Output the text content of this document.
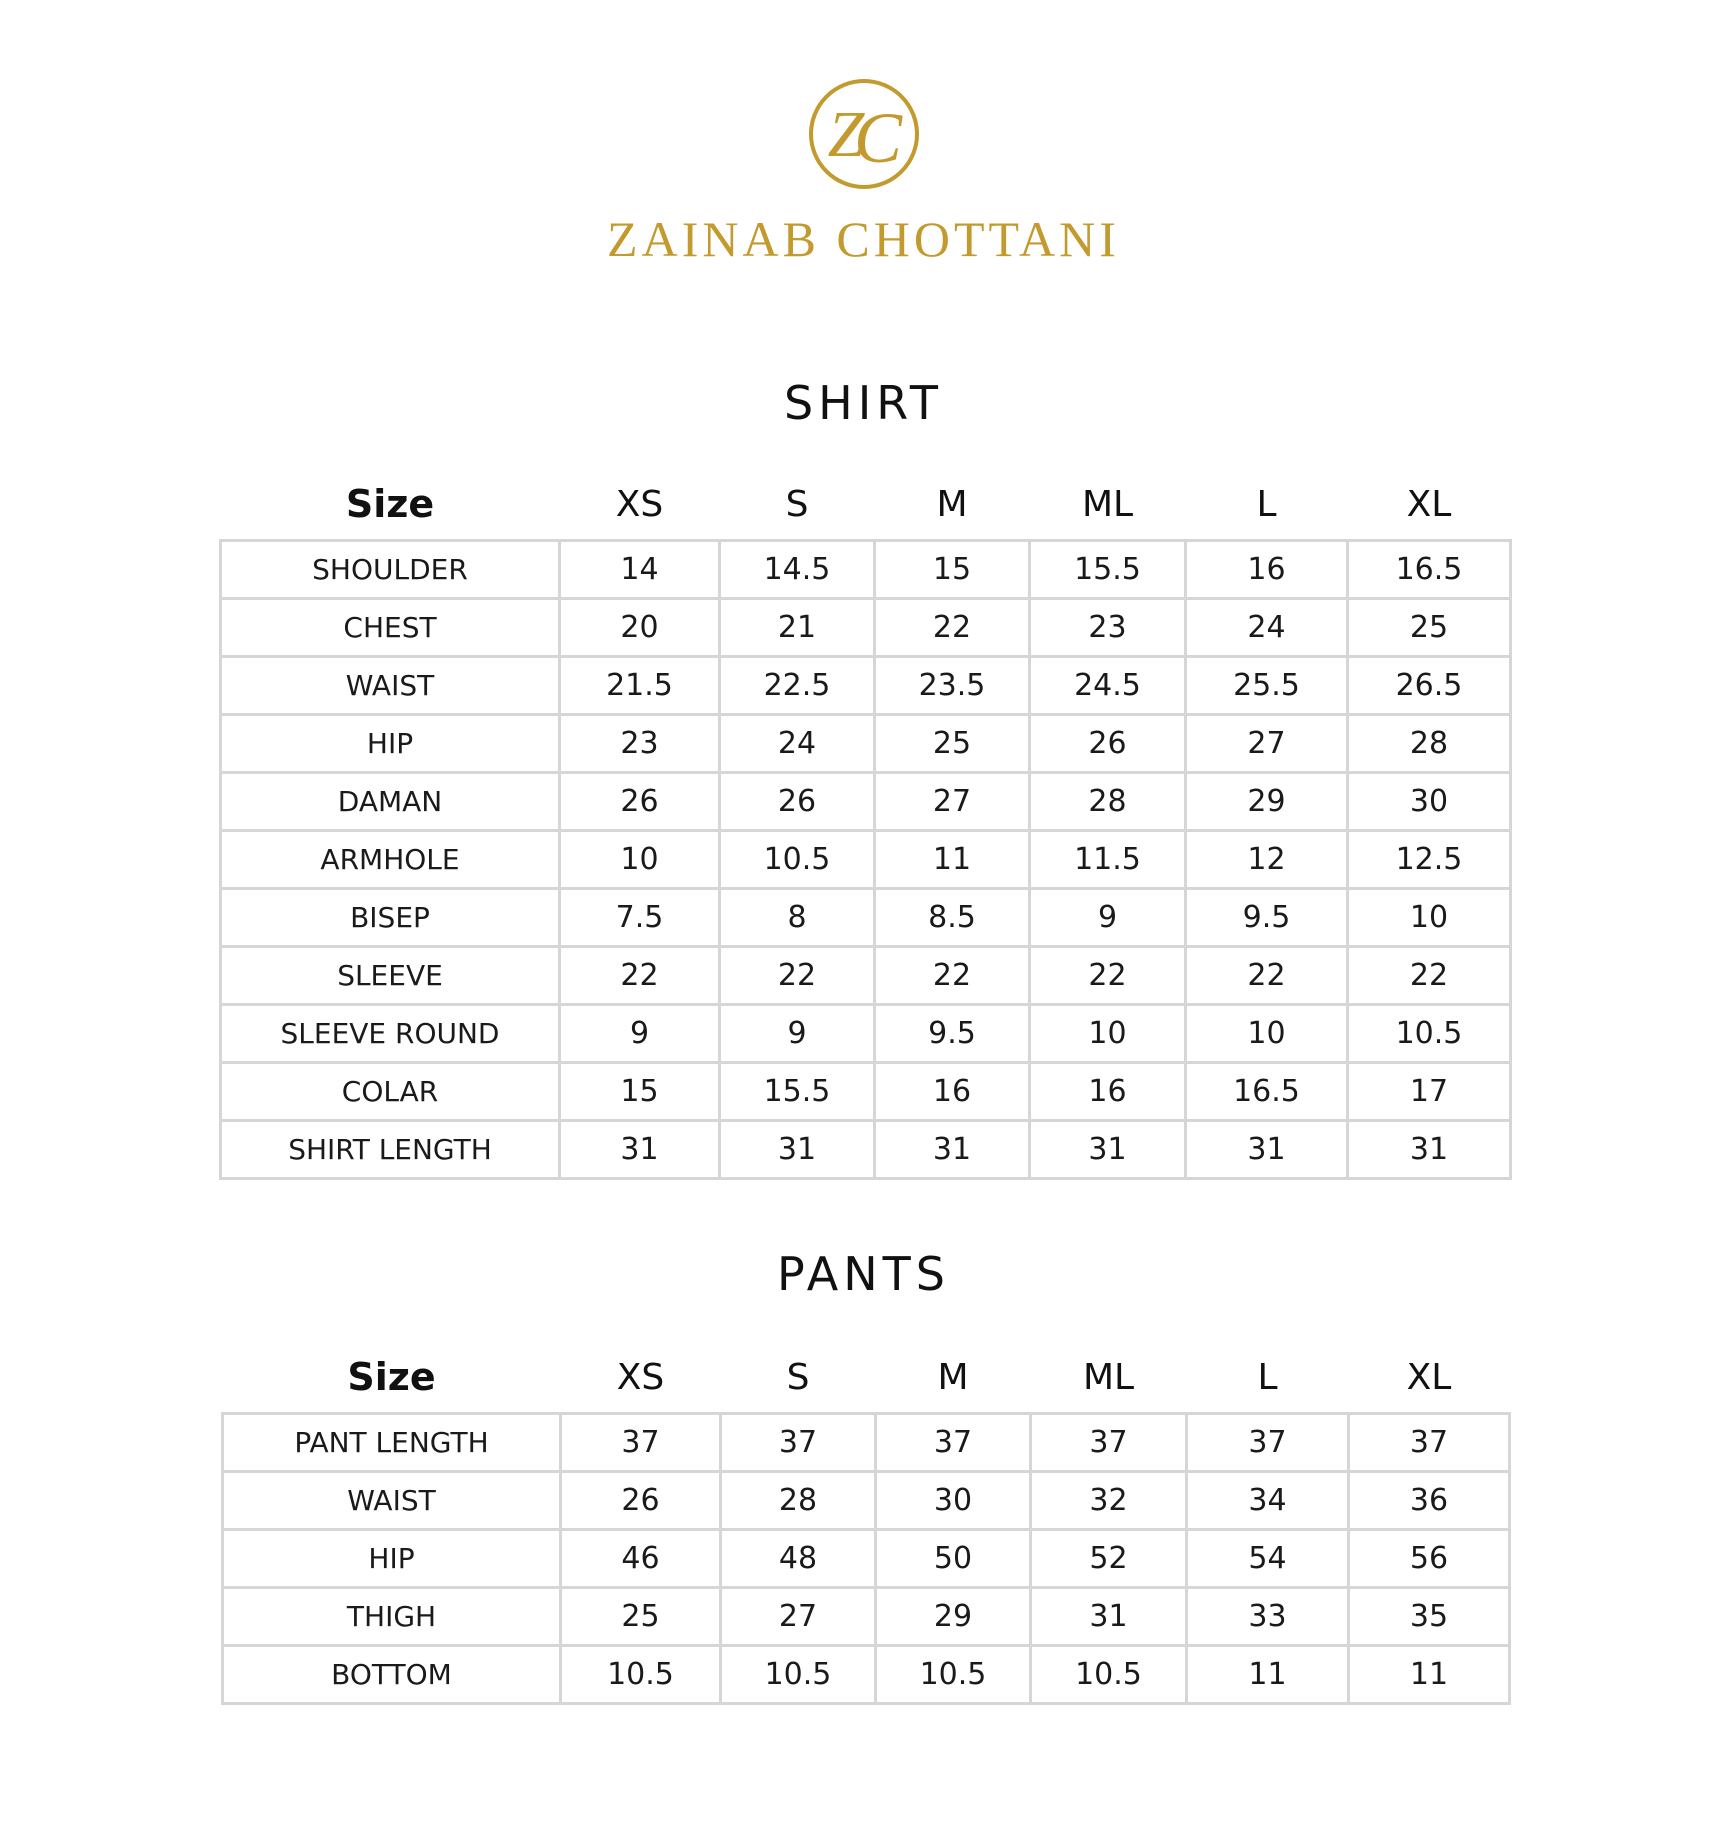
Z
C
ZAINAB CHOTTANI
SHIRT
Size	XS	S	M	ML	L	XL
SHOULDER	14	14.5	15	15.5	16	16.5
CHEST	20	21	22	23	24	25
WAIST	21.5	22.5	23.5	24.5	25.5	26.5
HIP	23	24	25	26	27	28
DAMAN	26	26	27	28	29	30
ARMHOLE	10	10.5	11	11.5	12	12.5
BISEP	7.5	8	8.5	9	9.5	10
SLEEVE	22	22	22	22	22	22
SLEEVE ROUND	9	9	9.5	10	10	10.5
COLAR	15	15.5	16	16	16.5	17
SHIRT LENGTH	31	31	31	31	31	31
PANTS
Size	XS	S	M	ML	L	XL
PANT LENGTH	37	37	37	37	37	37
WAIST	26	28	30	32	34	36
HIP	46	48	50	52	54	56
THIGH	25	27	29	31	33	35
BOTTOM	10.5	10.5	10.5	10.5	11	11
